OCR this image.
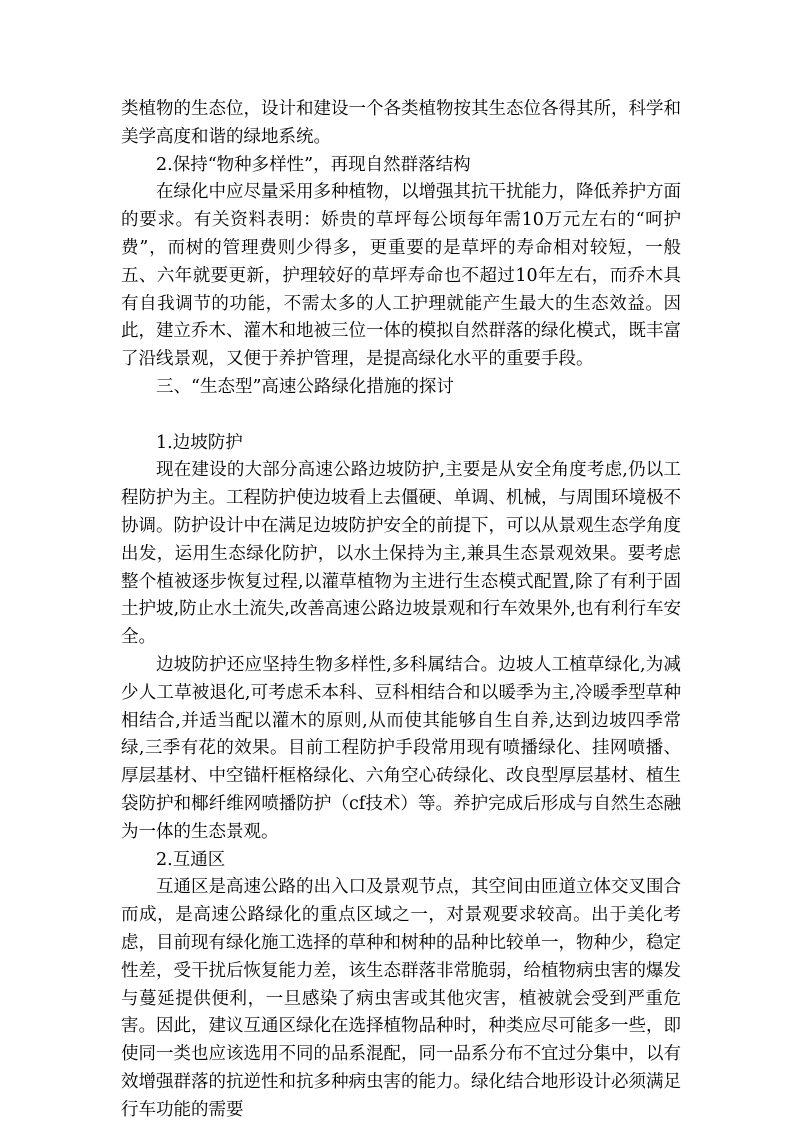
类植物的生态位，设计和建设一个各类植物按其生态位各得其所，科学和美学高度和谐的绿地系统。

2.保持“物种多样性”，再现自然群落结构

在绿化中应尽量采用多种植物，以增强其抗干扰能力，降低养护方面的要求。有关资料表明：娇贵的草坪每公顷每年需10万元左右的“呵护费”，而树的管理费则少得多，更重要的是草坪的寿命相对较短，一般五、六年就要更新，护理较好的草坪寿命也不超过10年左右，而乔木具有自我调节的功能，不需太多的人工护理就能产生最大的生态效益。因此，建立乔木、灌木和地被三位一体的模拟自然群落的绿化模式，既丰富了沿线景观，又便于养护管理，是提高绿化水平的重要手段。

三、“生态型”高速公路绿化措施的探讨

1.边坡防护

现在建设的大部分高速公路边坡防护,主要是从安全角度考虑,仍以工程防护为主。工程防护使边坡看上去僵硬、单调、机械，与周围环境极不协调。防护设计中在满足边坡防护安全的前提下，可以从景观生态学角度出发，运用生态绿化防护，以水土保持为主,兼具生态景观效果。要考虑整个植被逐步恢复过程,以灌草植物为主进行生态模式配置,除了有利于固土护坡,防止水土流失,改善高速公路边坡景观和行车效果外,也有利行车安全。

边坡防护还应坚持生物多样性,多科属结合。边坡人工植草绿化,为减少人工草被退化,可考虑禾本科、豆科相结合和以暖季为主,冷暖季型草种相结合,并适当配以灌木的原则,从而使其能够自生自养,达到边坡四季常绿,三季有花的效果。目前工程防护手段常用现有喷播绿化、挂网喷播、厚层基材、中空锚杆框格绿化、六角空心砖绿化、改良型厚层基材、植生袋防护和椰纤维网喷播防护（cf技术）等。养护完成后形成与自然生态融为一体的生态景观。

2.互通区

互通区是高速公路的出入口及景观节点，其空间由匝道立体交叉围合而成，是高速公路绿化的重点区域之一，对景观要求较高。出于美化考虑，目前现有绿化施工选择的草种和树种的品种比较单一，物种少，稳定性差，受干扰后恢复能力差，该生态群落非常脆弱，给植物病虫害的爆发与蔓延提供便利，一旦感染了病虫害或其他灾害，植被就会受到严重危害。因此，建议互通区绿化在选择植物品种时，种类应尽可能多一些，即使同一类也应该选用不同的品系混配，同一品系分布不宜过分集中，以有效增强群落的抗逆性和抗多种病虫害的能力。绿化结合地形设计必须满足行车功能的需要
